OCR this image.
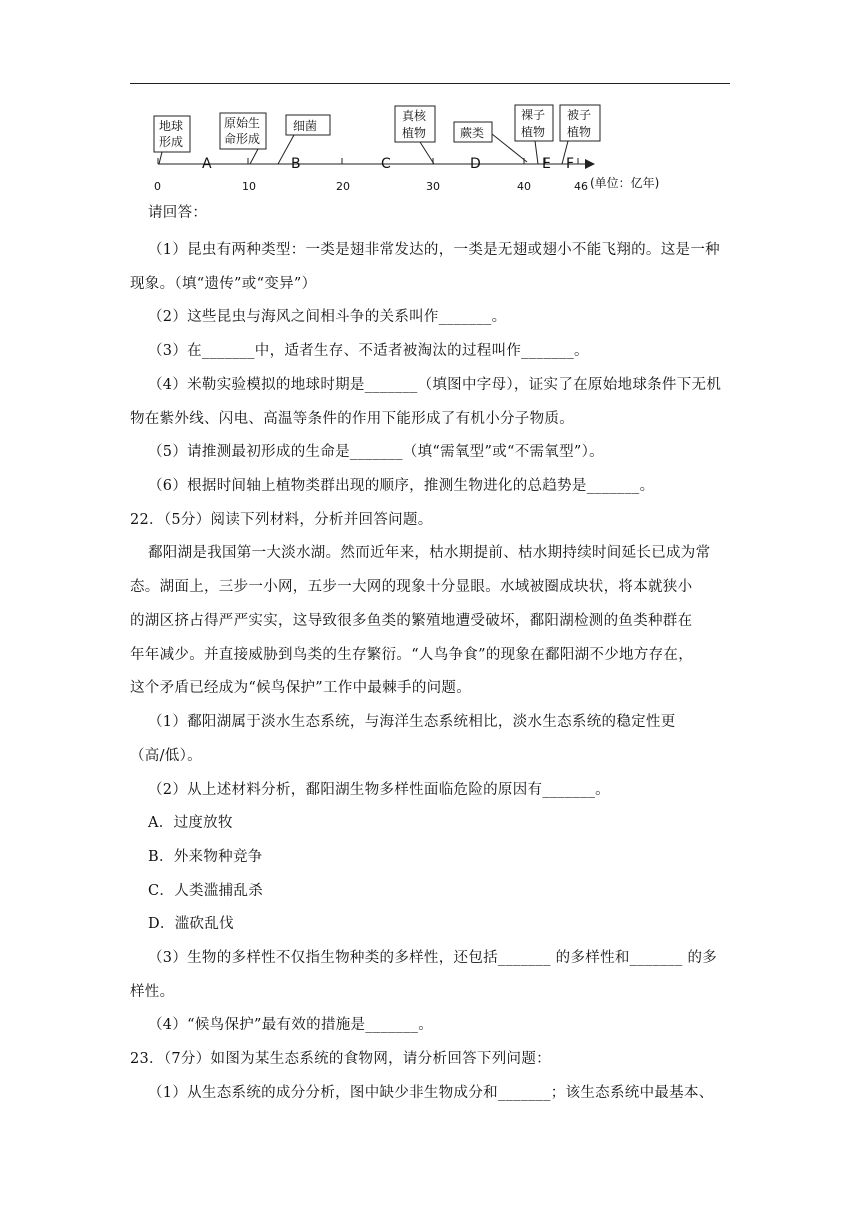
地球
形成
原始生
命形成
细菌
真核
植物	蕨类
裸子
植物
被子
植物
A	B	C	D	E F
0	10	20	30	40	46 (单位：亿年)
请回答：
（1）昆虫有两种类型：一类是翅非常发达的，一类是无翅或翅小不能飞翔的。这是一种
现象。（填“遗传”或“变异”）
（2）这些昆虫与海风之间相斗争的关系叫作_______。
（3）在_______中，适者生存、不适者被淘汰的过程叫作_______。
（4）米勒实验模拟的地球时期是_______（填图中字母），证实了在原始地球条件下无机
物在紫外线、闪电、高温等条件的作用下能形成了有机小分子物质。
（5）请推测最初形成的生命是_______（填“需氧型”或“不需氧型”）。
（6）根据时间轴上植物类群出现的顺序，推测生物进化的总趋势是_______。
22．（5分）阅读下列材料，分析并回答问题。
鄱阳湖是我国第一大淡水湖。然而近年来，枯水期提前、枯水期持续时间延长已成为常
态。湖面上，三步一小网，五步一大网的现象十分显眼。水域被圈成块状，将本就狭小
的湖区挤占得严严实实，这导致很多鱼类的繁殖地遭受破坏，鄱阳湖检测的鱼类种群在
年年减少。并直接威胁到鸟类的生存繁衍。“人鸟争食”的现象在鄱阳湖不少地方存在，
这个矛盾已经成为“候鸟保护”工作中最棘手的问题。
（1）鄱阳湖属于淡水生态系统，与海洋生态系统相比，淡水生态系统的稳定性更
（高/低）。
（2）从上述材料分析，鄱阳湖生物多样性面临危险的原因有_______。
A．过度放牧
B．外来物种竞争
C．人类滥捕乱杀
D．滥砍乱伐
（3）生物的多样性不仅指生物种类的多样性，还包括_______ 的多样性和_______ 的多
样性。
（4）“候鸟保护”最有效的措施是_______。
23．（7分）如图为某生态系统的食物网，请分析回答下列问题：
（1）从生态系统的成分分析，图中缺少非生物成分和_______；该生态系统中最基本、
